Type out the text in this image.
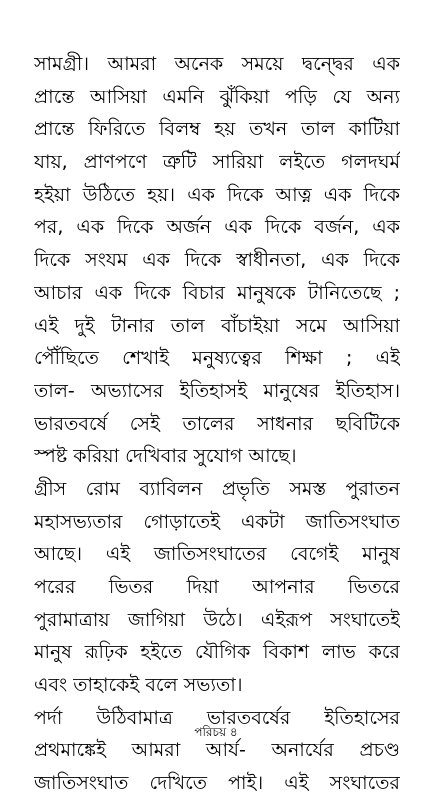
সামগ্রী। আমরা অনেক সময়ে দ্বন্দ্বের এক
প্রান্তে আসিয়া এমনি ঝুঁকিয়া পড়ি যে অন্য
প্রান্তে ফিরিতে বিলম্ব হয় তখন তাল কাটিয়া
যায়, প্রাণপণে ত্রুটি সারিয়া লইতে গলদঘর্ম
হইয়া উঠিতে হয়। এক দিকে আত্ন এক দিকে
পর, এক দিকে অর্জন এক দিকে বর্জন, এক
দিকে সংযম এক দিকে স্বাধীনতা, এক দিকে
আচার এক দিকে বিচার মানুষকে টানিতেছে ;
এই দুই টানার তাল বাঁচাইয়া সমে আসিয়া
পৌঁছিতে শেখাই মনুষ্যত্বের শিক্ষা ; এই
তাল- অভ্যাসের ইতিহাসই মানুষের ইতিহাস।
ভারতবর্ষে সেই তালের সাধনার ছবিটিকে
স্পষ্ট করিয়া দেখিবার সুযোগ আছে।
গ্রীস রোম ব্যাবিলন প্রভৃতি সমস্ত পুরাতন
মহাসভ্যতার গোড়াতেই একটা জাতিসংঘাত
আছে। এই জাতিসংঘাতের বেগেই মানুষ
পরের ভিতর দিয়া আপনার ভিতরে
পুরামাত্রায় জাগিয়া উঠে। এইরূপ সংঘাতেই
মানুষ রূঢ়িক হইতে যৌগিক বিকাশ লাভ করে
এবং তাহাকেই বলে সভ্যতা।
পর্দা উঠিবামাত্র ভারতবর্ষের ইতিহাসের
প্রথমাঙ্কেই আমরা আর্য- অনার্যের প্রচণ্ড
জাতিসংঘাত দেখিতে পাই। এই সংঘাতের
পরিচয় ৪
